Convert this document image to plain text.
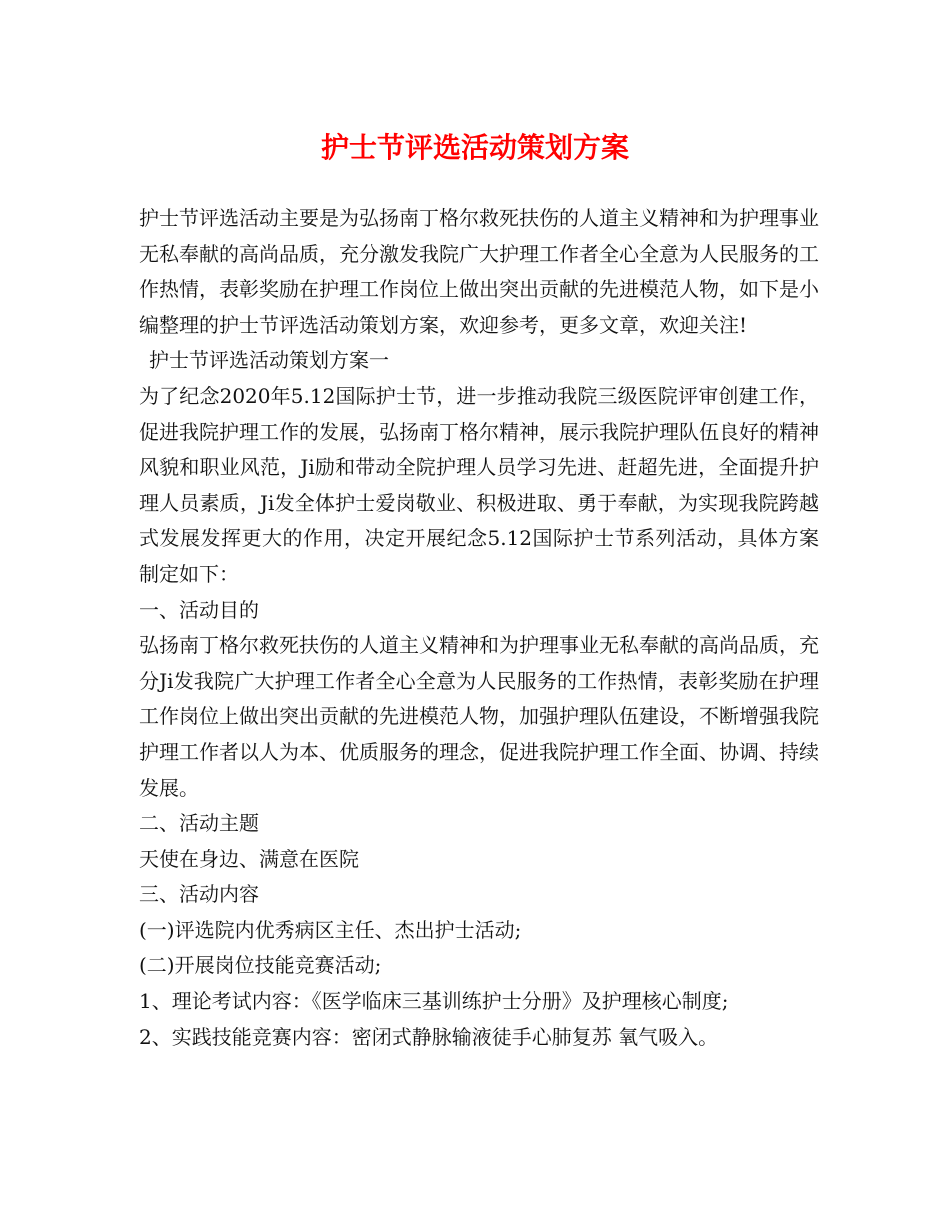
护士节评选活动策划方案

护士节评选活动主要是为弘扬南丁格尔救死扶伤的人道主义精神和为护理事业无私奉献的高尚品质，充分激发我院广大护理工作者全心全意为人民服务的工作热情，表彰奖励在护理工作岗位上做出突出贡献的先进模范人物，如下是小编整理的护士节评选活动策划方案，欢迎参考，更多文章，欢迎关注!

护士节评选活动策划方案一

为了纪念2020年5.12国际护士节，进一步推动我院三级医院评审创建工作，促进我院护理工作的发展，弘扬南丁格尔精神，展示我院护理队伍良好的精神风貌和职业风范，Ji励和带动全院护理人员学习先进、赶超先进，全面提升护理人员素质，Ji发全体护士爱岗敬业、积极进取、勇于奉献，为实现我院跨越式发展发挥更大的作用，决定开展纪念5.12国际护士节系列活动，具体方案制定如下：

一、活动目的

弘扬南丁格尔救死扶伤的人道主义精神和为护理事业无私奉献的高尚品质，充分Ji发我院广大护理工作者全心全意为人民服务的工作热情，表彰奖励在护理工作岗位上做出突出贡献的先进模范人物，加强护理队伍建设，不断增强我院护理工作者以人为本、优质服务的理念，促进我院护理工作全面、协调、持续发展。

二、活动主题

天使在身边、满意在医院

三、活动内容

(一)评选院内优秀病区主任、杰出护士活动;

(二)开展岗位技能竞赛活动;

1、理论考试内容：《医学临床三基训练护士分册》及护理核心制度;

2、实践技能竞赛内容：密闭式静脉输液徒手心肺复苏 氧气吸入。
